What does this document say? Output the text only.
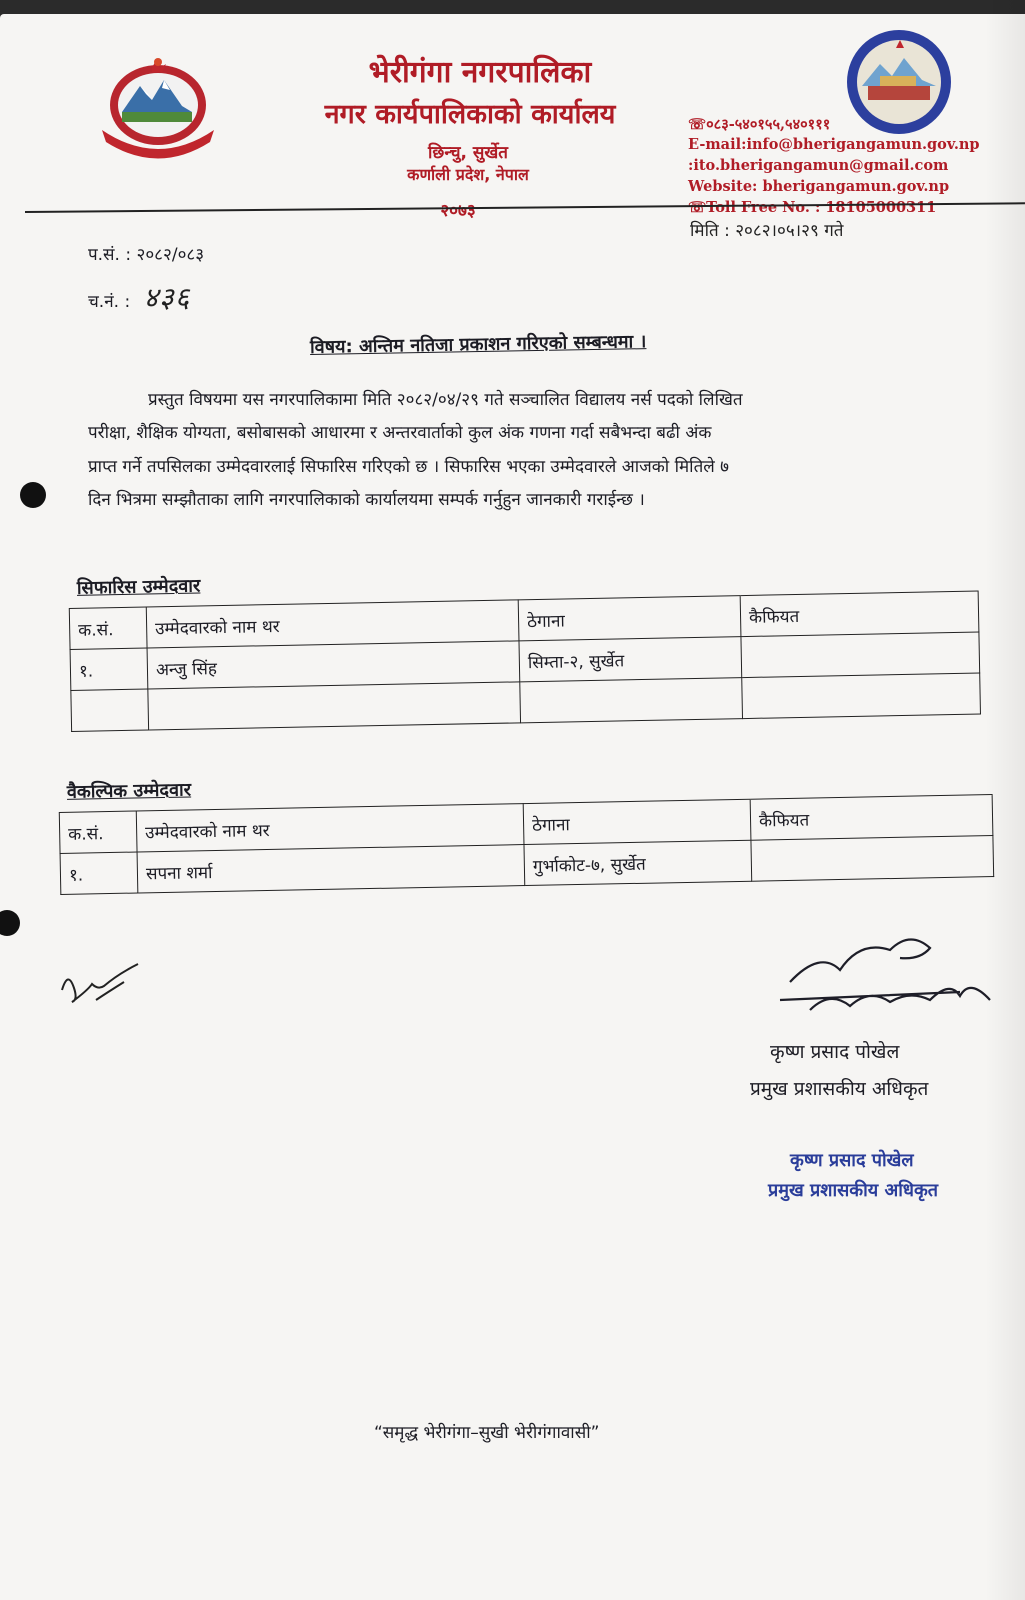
भेरीगंगा नगरपालिका
नगर कार्यपालिकाको कार्यालय
छिन्चु, सुर्खेत
कर्णाली प्रदेश, नेपाल
२०७३
☏०८३-५४०१५५,५४०१११
E-mail:info@bherigangamun.gov.np
:ito.bherigangamun@gmail.com
Website: bherigangamun.gov.np
☏Toll Free No. : 18105000311
मिति : २०८२।०५।२९ गते
प.सं. : २०८२/०८३
च.नं. : ४३६
विषय: अन्तिम नतिजा प्रकाशन गरिएको सम्बन्धमा ।
प्रस्तुत विषयमा यस नगरपालिकामा मिति २०८२/०४/२९ गते सञ्चालित विद्यालय नर्स पदको लिखित
परीक्षा, शैक्षिक योग्यता, बसोबासको आधारमा र अन्तरवार्ताको कुल अंक गणना गर्दा सबैभन्दा बढी अंक
प्राप्त गर्ने तपसिलका उम्मेदवारलाई सिफारिस गरिएको छ । सिफारिस भएका उम्मेदवारले आजको मितिले ७
दिन भित्रमा सम्झौताका लागि नगरपालिकाको कार्यालयमा सम्पर्क गर्नुहुन जानकारी गराईन्छ ।
सिफारिस उम्मेदवार			
क.सं.	उम्मेदवारको नाम थर	ठेगाना	कैफियत
१.	अन्जु सिंह	सिम्ता-२, सुर्खेत	

वैकल्पिक उम्मेदवार			
क.सं.	उम्मेदवारको नाम थर	ठेगाना	कैफियत
१.	सपना शर्मा	गुर्भाकोट-७, सुर्खेत	
कृष्ण प्रसाद पोखेल
प्रमुख प्रशासकीय अधिकृत
कृष्ण प्रसाद पोखेल
प्रमुख प्रशासकीय अधिकृत
“समृद्ध भेरीगंगा–सुखी भेरीगंगावासी”
